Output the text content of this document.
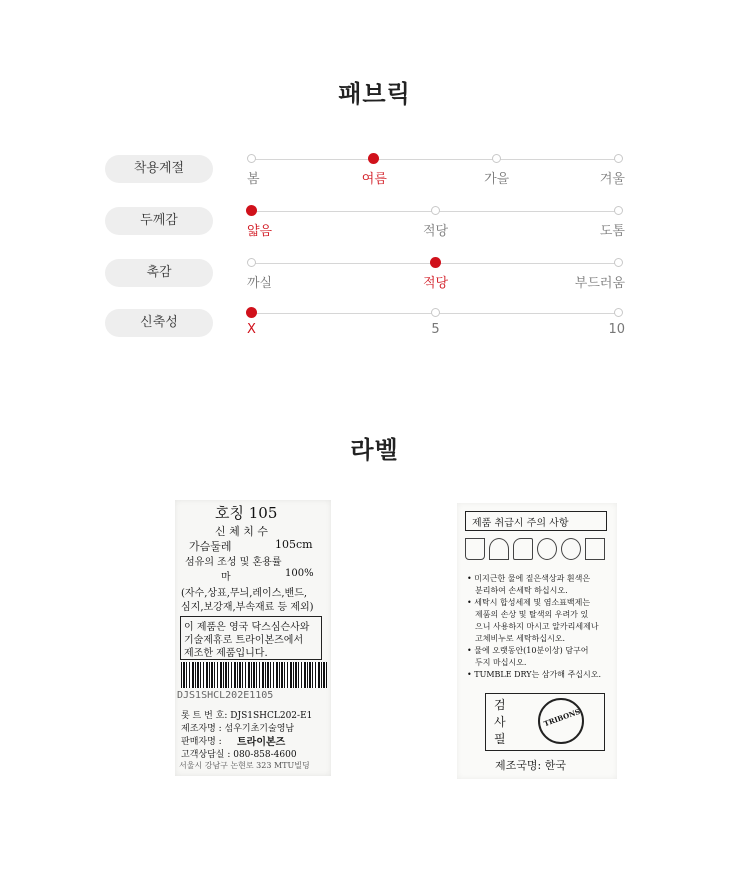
패브릭
착용계절
봄	여름	가을	겨울
두께감
얇음	적당	도톰
촉감
까실	적당	부드러움
신축성	X	5	10
라벨
호칭 105
신 체 치 수
가슴둘레	105cm
섬유의 조성 및 혼용률
마	100%
(자수,상표,무늬,레이스,밴드,
심지,보강재,부속재료 등 제외)
이 제품은 영국 닥스심슨사와
기술제휴로 트라이본즈에서
제조한 제품입니다.
DJS1SHCL202E1105
롯 트 번 호: DJS1SHCL202-E1
제조자명 : 섬우기초기술영남
판매자명 : 트라이본즈
고객상담실 : 080-858-4600
서울시 강남구 논현로 323 MTU빌딩
제품 취급시 주의 사항
• 미지근한 물에 짙은색상과 흰색은
분리하여 손세탁 하십시오.
• 세탁시 합성세제 및 염소표백제는
제품의 손상 및 탈색의 우려가 있
으니 사용하지 마시고 알카리세제나
고체비누로 세탁하십시오.
• 물에 오랫동안(10분이상) 담구어
두지 마십시오.
• TUMBLE DRY는 삼가해 주십시오.
검
사
필
TRIBONS
제조국명: 한국
